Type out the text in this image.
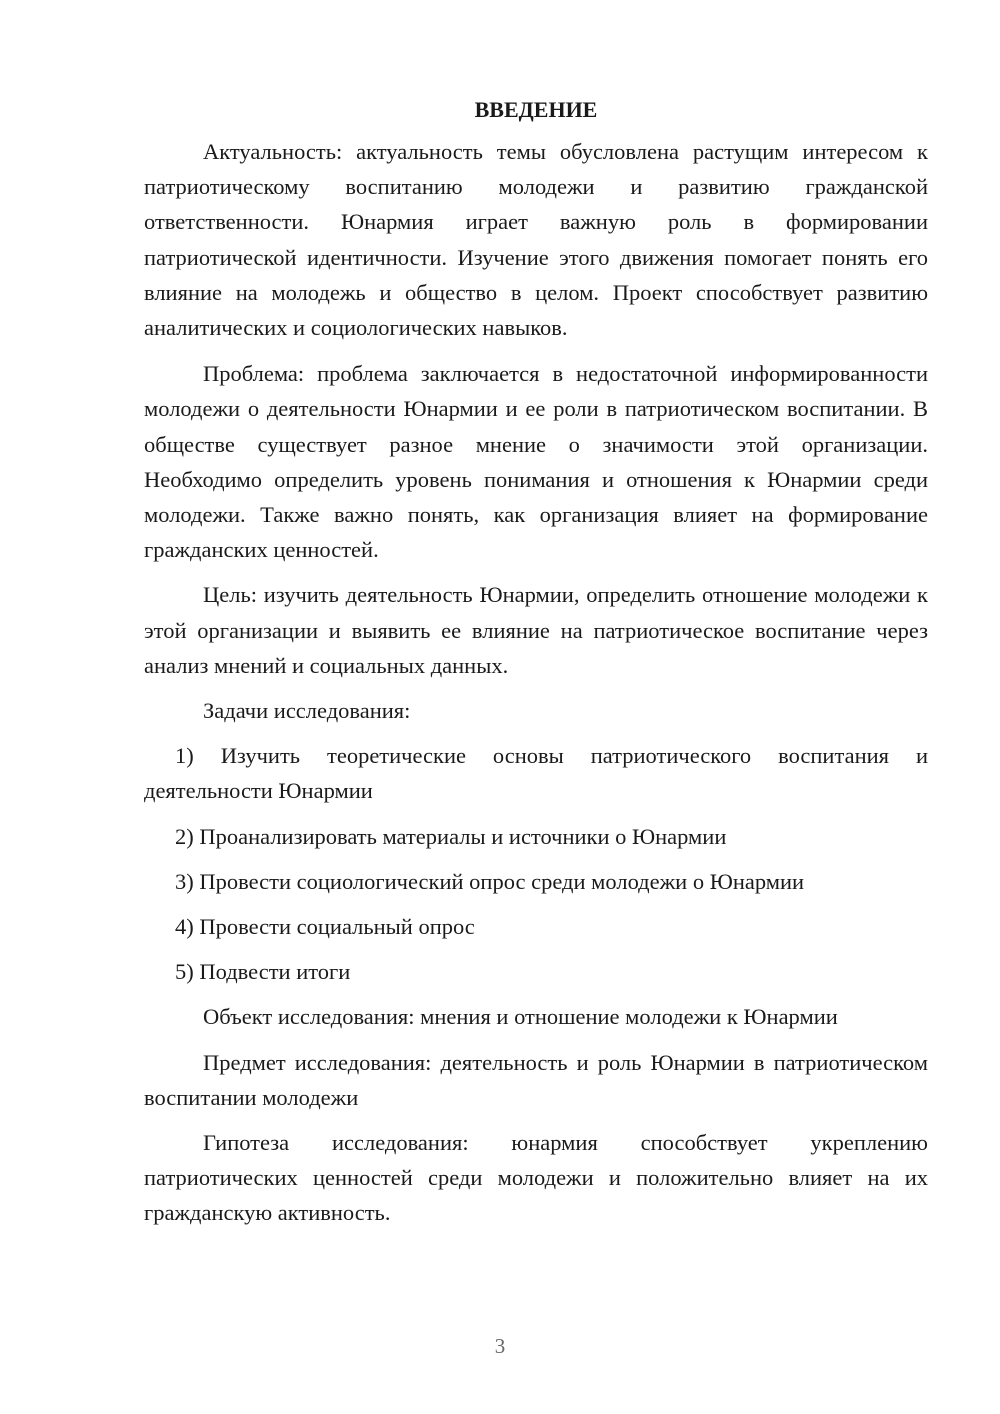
ВВЕДЕНИЕ

Актуальность: актуальность темы обусловлена растущим интересом к патриотическому воспитанию молодежи и развитию гражданской ответственности. Юнармия играет важную роль в формировании патриотической идентичности. Изучение этого движения помогает понять его влияние на молодежь и общество в целом. Проект способствует развитию аналитических и социологических навыков.

Проблема: проблема заключается в недостаточной информированности молодежи о деятельности Юнармии и ее роли в патриотическом воспитании. В обществе существует разное мнение о значимости этой организации. Необходимо определить уровень понимания и отношения к Юнармии среди молодежи. Также важно понять, как организация влияет на формирование гражданских ценностей.

Цель: изучить деятельность Юнармии, определить отношение молодежи к этой организации и выявить ее влияние на патриотическое воспитание через анализ мнений и социальных данных.

Задачи исследования:

1) Изучить теоретические основы патриотического воспитания и деятельности Юнармии

2) Проанализировать материалы и источники о Юнармии

3) Провести социологический опрос среди молодежи о Юнармии

4) Провести социальный опрос

5) Подвести итоги

Объект исследования: мнения и отношение молодежи к Юнармии

Предмет исследования: деятельность и роль Юнармии в патриотическом воспитании молодежи

Гипотеза исследования: юнармия способствует укреплению патриотических ценностей среди молодежи и положительно влияет на их гражданскую активность.

3
